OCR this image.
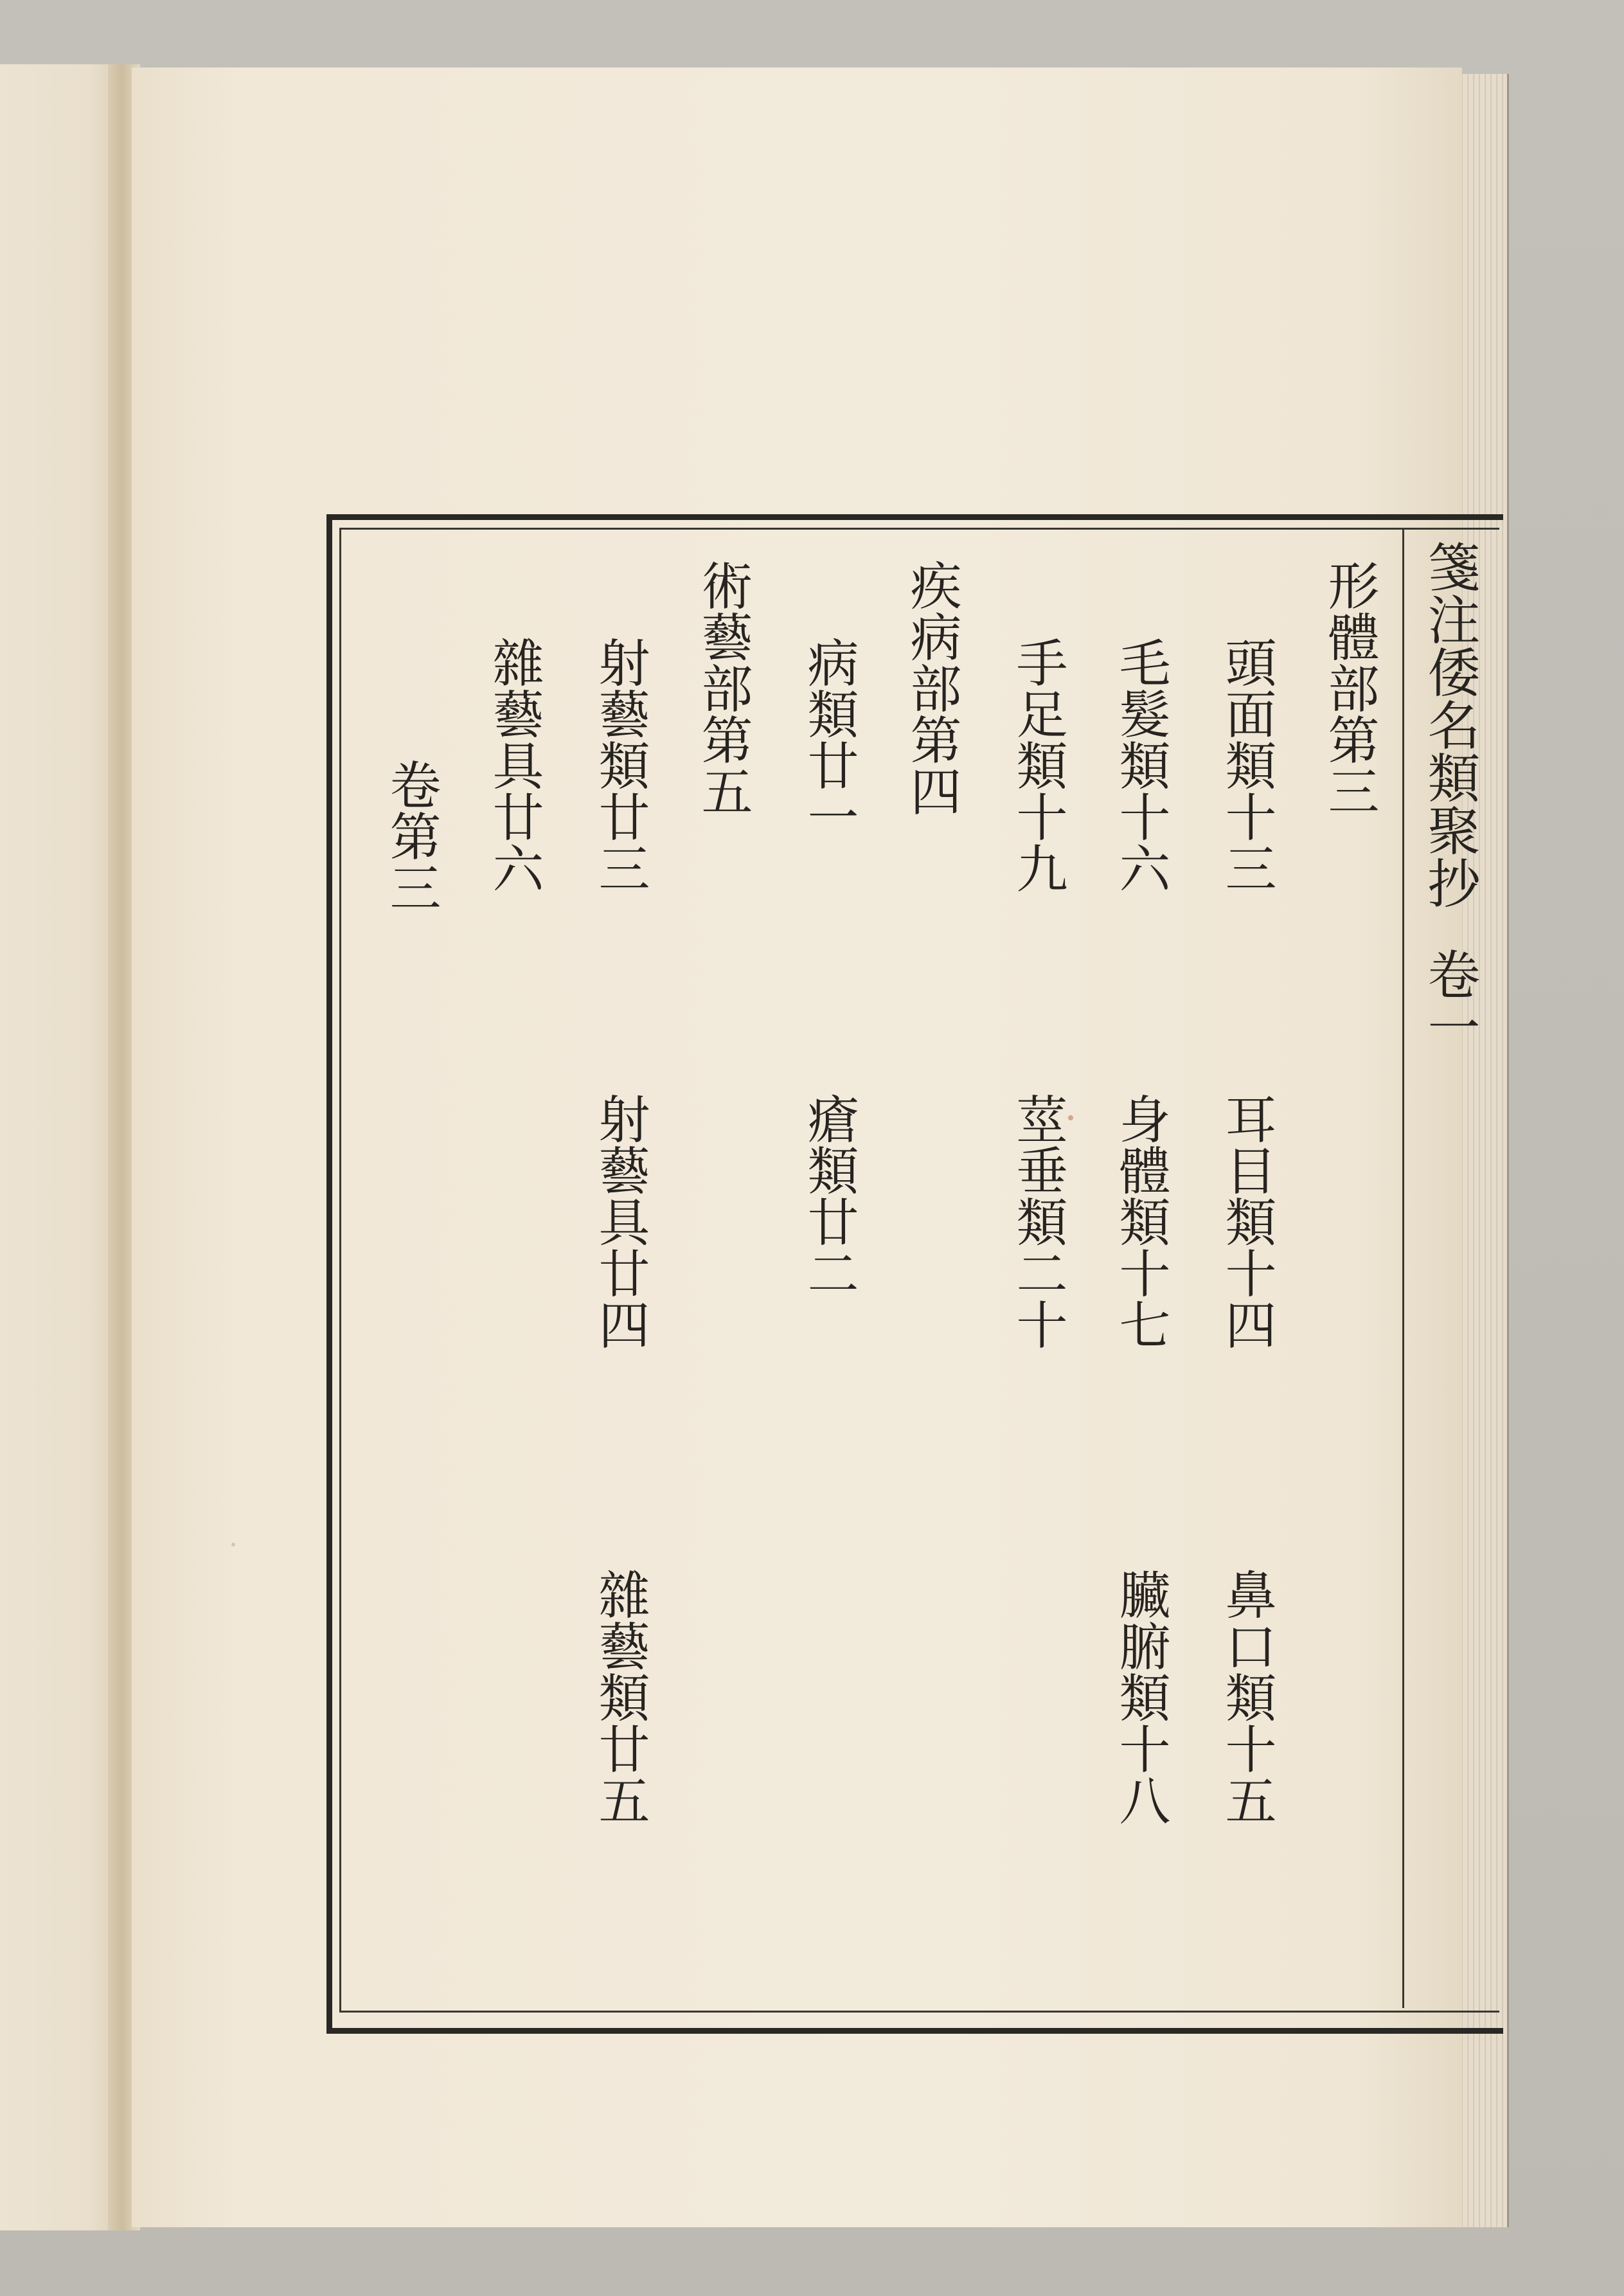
箋注倭名類聚抄卷一
形體部第三
頭面類十三
耳目類十四
鼻口類十五
毛髮類十六
身體類十七
臟腑類十八
手足類十九
莖垂類二十
疾病部第四
病類廿一
瘡類廿二
術藝部第五
射藝類廿三
射藝具廿四
雜藝類廿五
雜藝具廿六
卷第三
